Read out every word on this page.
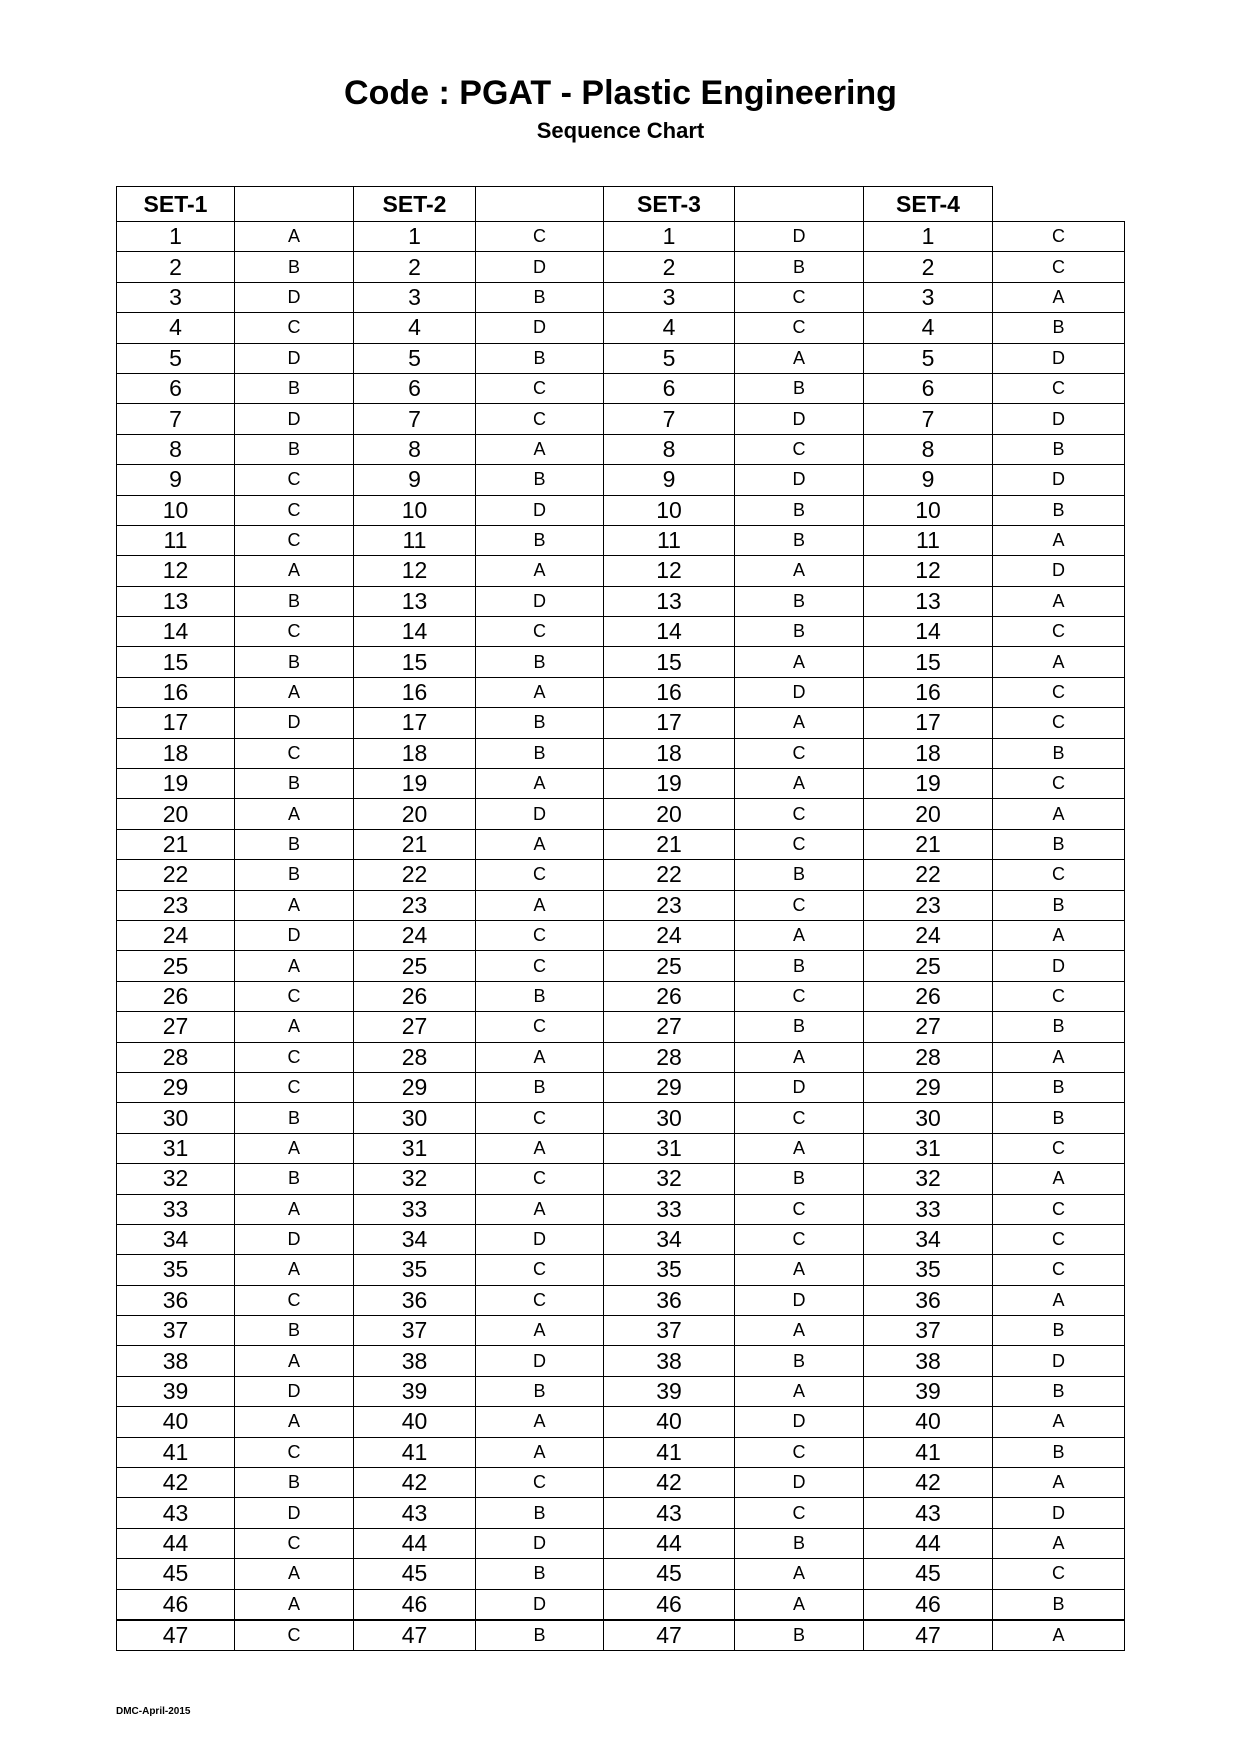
Code : PGAT - Plastic Engineering
Sequence Chart
SET-1		SET-2		SET-3		SET-4	
1	A	1	C	1	D	1	C
2	B	2	D	2	B	2	C
3	D	3	B	3	C	3	A
4	C	4	D	4	C	4	B
5	D	5	B	5	A	5	D
6	B	6	C	6	B	6	C
7	D	7	C	7	D	7	D
8	B	8	A	8	C	8	B
9	C	9	B	9	D	9	D
10	C	10	D	10	B	10	B
11	C	11	B	11	B	11	A
12	A	12	A	12	A	12	D
13	B	13	D	13	B	13	A
14	C	14	C	14	B	14	C
15	B	15	B	15	A	15	A
16	A	16	A	16	D	16	C
17	D	17	B	17	A	17	C
18	C	18	B	18	C	18	B
19	B	19	A	19	A	19	C
20	A	20	D	20	C	20	A
21	B	21	A	21	C	21	B
22	B	22	C	22	B	22	C
23	A	23	A	23	C	23	B
24	D	24	C	24	A	24	A
25	A	25	C	25	B	25	D
26	C	26	B	26	C	26	C
27	A	27	C	27	B	27	B
28	C	28	A	28	A	28	A
29	C	29	B	29	D	29	B
30	B	30	C	30	C	30	B
31	A	31	A	31	A	31	C
32	B	32	C	32	B	32	A
33	A	33	A	33	C	33	C
34	D	34	D	34	C	34	C
35	A	35	C	35	A	35	C
36	C	36	C	36	D	36	A
37	B	37	A	37	A	37	B
38	A	38	D	38	B	38	D
39	D	39	B	39	A	39	B
40	A	40	A	40	D	40	A
41	C	41	A	41	C	41	B
42	B	42	C	42	D	42	A
43	D	43	B	43	C	43	D
44	C	44	D	44	B	44	A
45	A	45	B	45	A	45	C
46	A	46	D	46	A	46	B
47	C	47	B	47	B	47	A
DMC-April-2015
